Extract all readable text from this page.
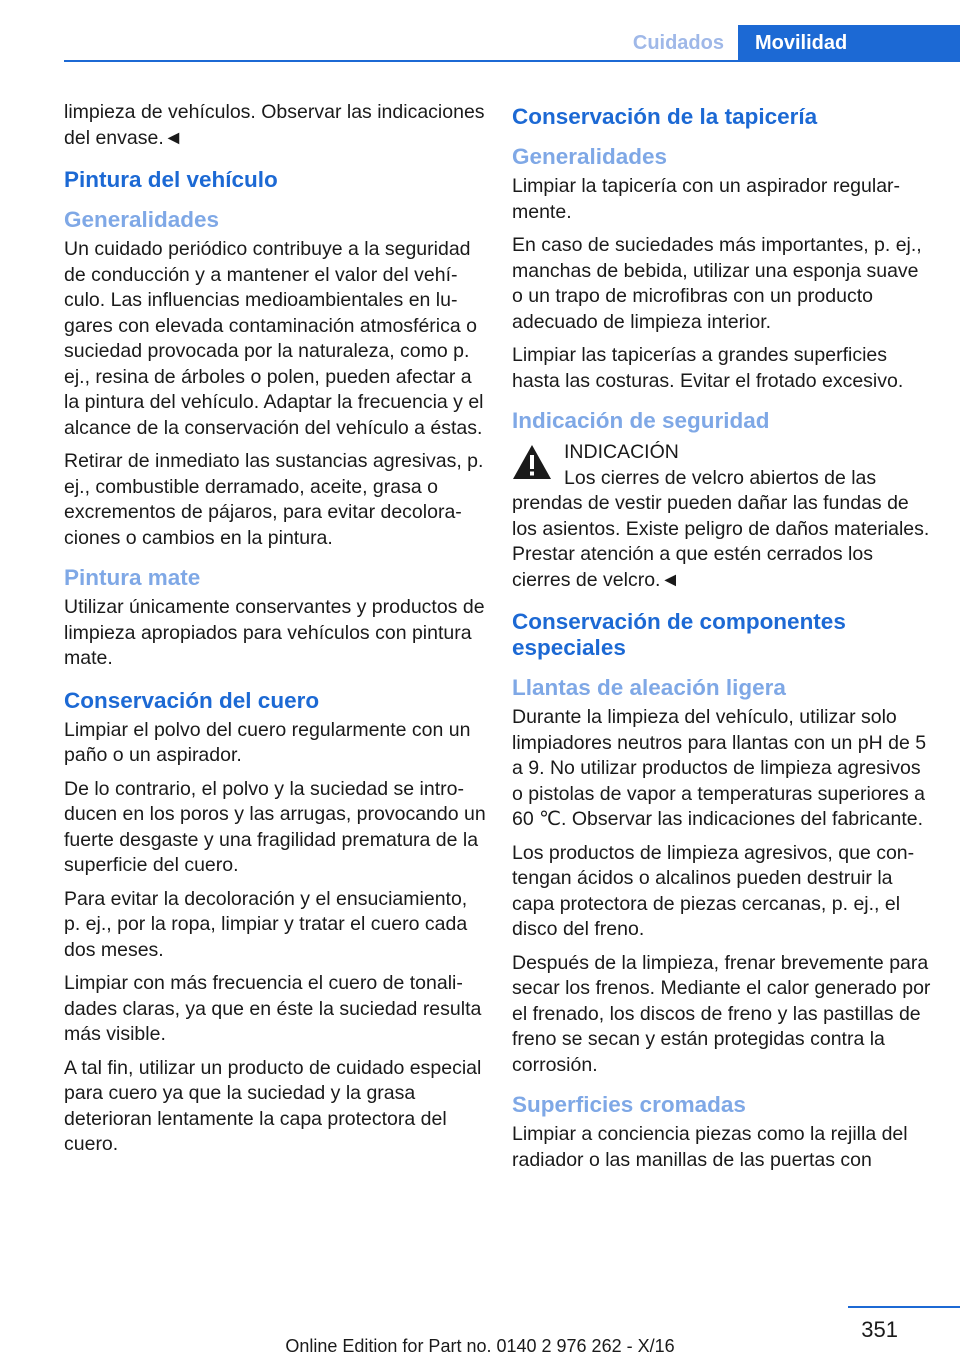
Cuidados	Movilidad

limpieza de vehículos. Observar las indicaciones del envase.◄

Pintura del vehículo
Generalidades

Un cuidado periódico contribuye a la seguridad de conducción y a mantener el valor del vehículo. Las influencias medioambientales en lugares con elevada contaminación atmosférica o suciedad provocada por la naturaleza, como p. ej., resina de árboles o polen, pueden afectar a la pintura del vehículo. Adaptar la frecuencia y el alcance de la conservación del vehículo a éstas.

Retirar de inmediato las sustancias agresivas, p. ej., combustible derramado, aceite, grasa o excrementos de pájaros, para evitar decoloraciones o cambios en la pintura.

Pintura mate

Utilizar únicamente conservantes y productos de limpieza apropiados para vehículos con pintura mate.

Conservación del cuero

Limpiar el polvo del cuero regularmente con un paño o un aspirador.

De lo contrario, el polvo y la suciedad se introducen en los poros y las arrugas, provocando un fuerte desgaste y una fragilidad prematura de la superficie del cuero.

Para evitar la decoloración y el ensuciamiento, p. ej., por la ropa, limpiar y tratar el cuero cada dos meses.

Limpiar con más frecuencia el cuero de tonalidades claras, ya que en éste la suciedad resulta más visible.

A tal fin, utilizar un producto de cuidado especial para cuero ya que la suciedad y la grasa deterioran lentamente la capa protectora del cuero.

Conservación de la tapicería
Generalidades

Limpiar la tapicería con un aspirador regularmente.

En caso de suciedades más importantes, p. ej., manchas de bebida, utilizar una esponja suave o un trapo de microfibras con un producto adecuado de limpieza interior.

Limpiar las tapicerías a grandes superficies hasta las costuras. Evitar el frotado excesivo.

Indicación de seguridad
INDICACIÓN
Los cierres de velcro abiertos de las
prendas de vestir pueden dañar las fundas de los asientos. Existe peligro de daños materiales. Prestar atención a que estén cerrados los cierres de velcro.◄
Conservación de componentes especiales
Llantas de aleación ligera

Durante la limpieza del vehículo, utilizar solo limpiadores neutros para llantas con un pH de 5 a 9. No utilizar productos de limpieza agresivos o pistolas de vapor a temperaturas superiores a 60 ℃. Observar las indicaciones del fabricante.

Los productos de limpieza agresivos, que contengan ácidos o alcalinos pueden destruir la capa protectora de piezas cercanas, p. ej., el disco del freno.

Después de la limpieza, frenar brevemente para secar los frenos. Mediante el calor generado por el frenado, los discos de freno y las pastillas de freno se secan y están protegidas contra la corrosión.

Superficies cromadas

Limpiar a conciencia piezas como la rejilla del radiador o las manillas de las puertas con

351
Online Edition for Part no. 0140 2 976 262 - X/16
